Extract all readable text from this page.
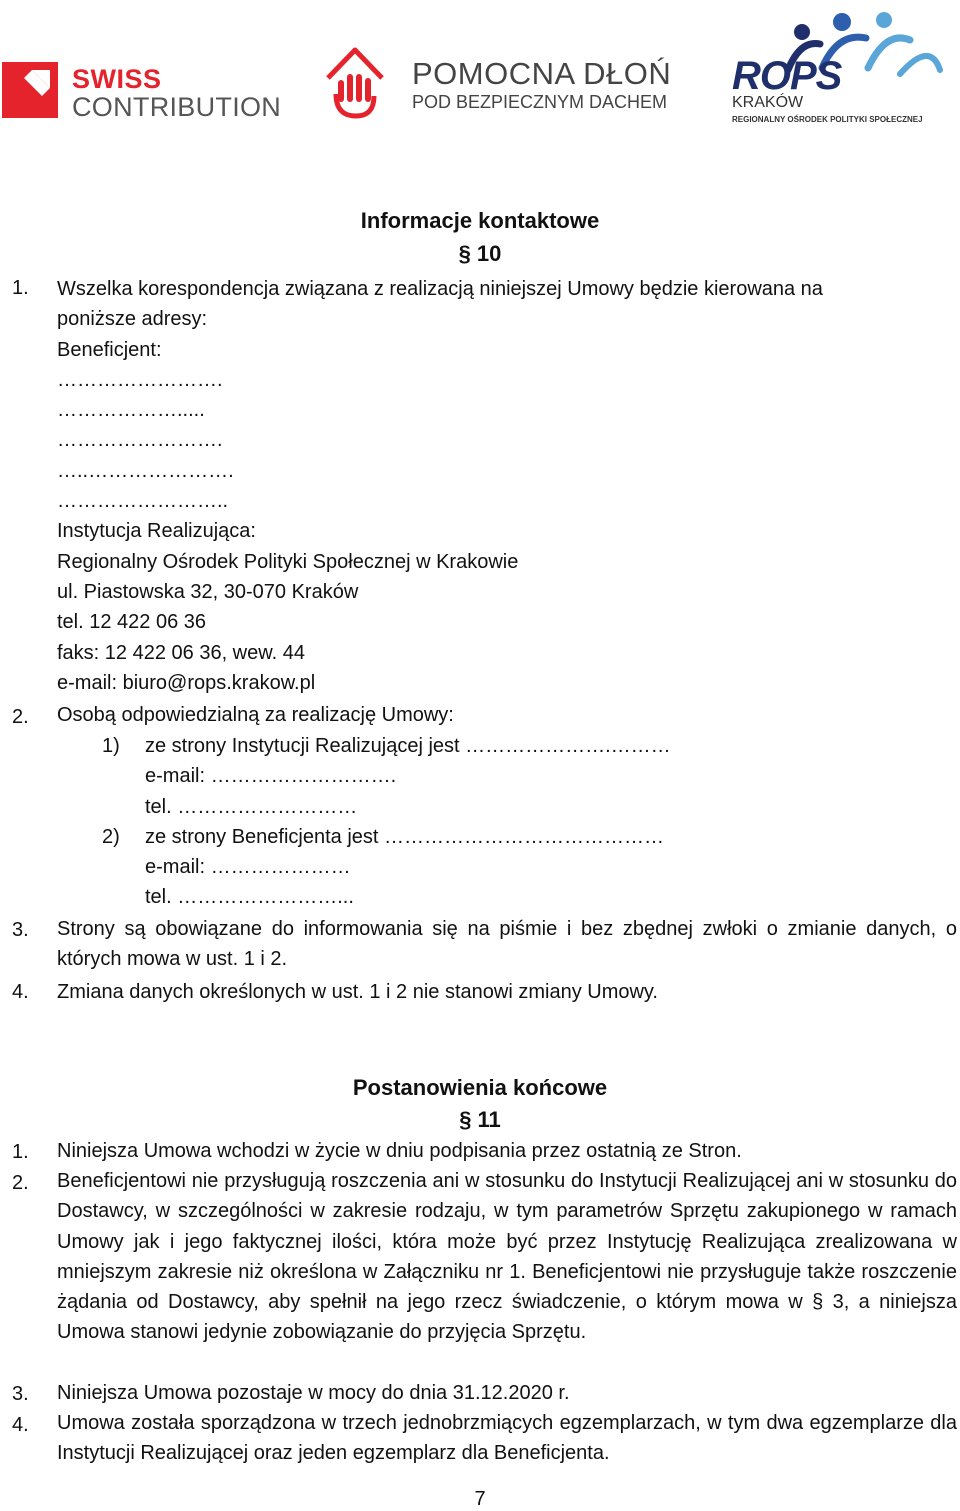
SWISS
CONTRIBUTION
POMOCNA DŁOŃ
POD BEZPIECZNYM DACHEM
ROPS
KRAKÓW
REGIONALNY OŚRODEK POLITYKI SPOŁECZNEJ
Informacje kontaktowe
§ 10
1. Wszelka korespondencja związana z realizacją niniejszej Umowy będzie kierowana na
poniższe adresy:
Beneficjent:
…………………….
……………….....
…………………….
…..………………….
……………………..
Instytucja Realizująca:
Regionalny Ośrodek Polityki Społecznej w Krakowie
ul. Piastowska 32, 30-070 Kraków
tel. 12 422 06 36
faks: 12 422 06 36, wew. 44
e-mail: biuro@rops.krakow.pl
2. Osobą odpowiedzialną za realizację Umowy:
1) ze strony Instytucji Realizującej jest ………………….………
e-mail: ……………………….
tel. ………………………
2) ze strony Beneficjenta jest ……………………………………
e-mail: …………………
tel. ……………………...
3. Strony są obowiązane do informowania się na piśmie i bez zbędnej zwłoki o zmianie danych, o których mowa w ust. 1 i 2.
4. Zmiana danych określonych w ust. 1 i 2 nie stanowi zmiany Umowy.
Postanowienia końcowe
§ 11
1. Niniejsza Umowa wchodzi w życie w dniu podpisania przez ostatnią ze Stron.
2. Beneficjentowi nie przysługują roszczenia ani w stosunku do Instytucji Realizującej ani w stosunku do Dostawcy, w szczególności w zakresie rodzaju, w tym parametrów Sprzętu zakupionego w ramach Umowy jak i jego faktycznej ilości, która może być przez Instytucję Realizująca zrealizowana w mniejszym zakresie niż określona w Załączniku nr 1. Beneficjentowi nie przysługuje także roszczenie żądania od Dostawcy, aby spełnił na jego rzecz świadczenie, o którym mowa w § 3, a niniejsza Umowa stanowi jedynie zobowiązanie do przyjęcia Sprzętu.
3. Niniejsza Umowa pozostaje w mocy do dnia 31.12.2020 r.
4. Umowa została sporządzona w trzech jednobrzmiących egzemplarzach, w tym dwa egzemplarze dla Instytucji Realizującej oraz jeden egzemplarz dla Beneficjenta.
7
